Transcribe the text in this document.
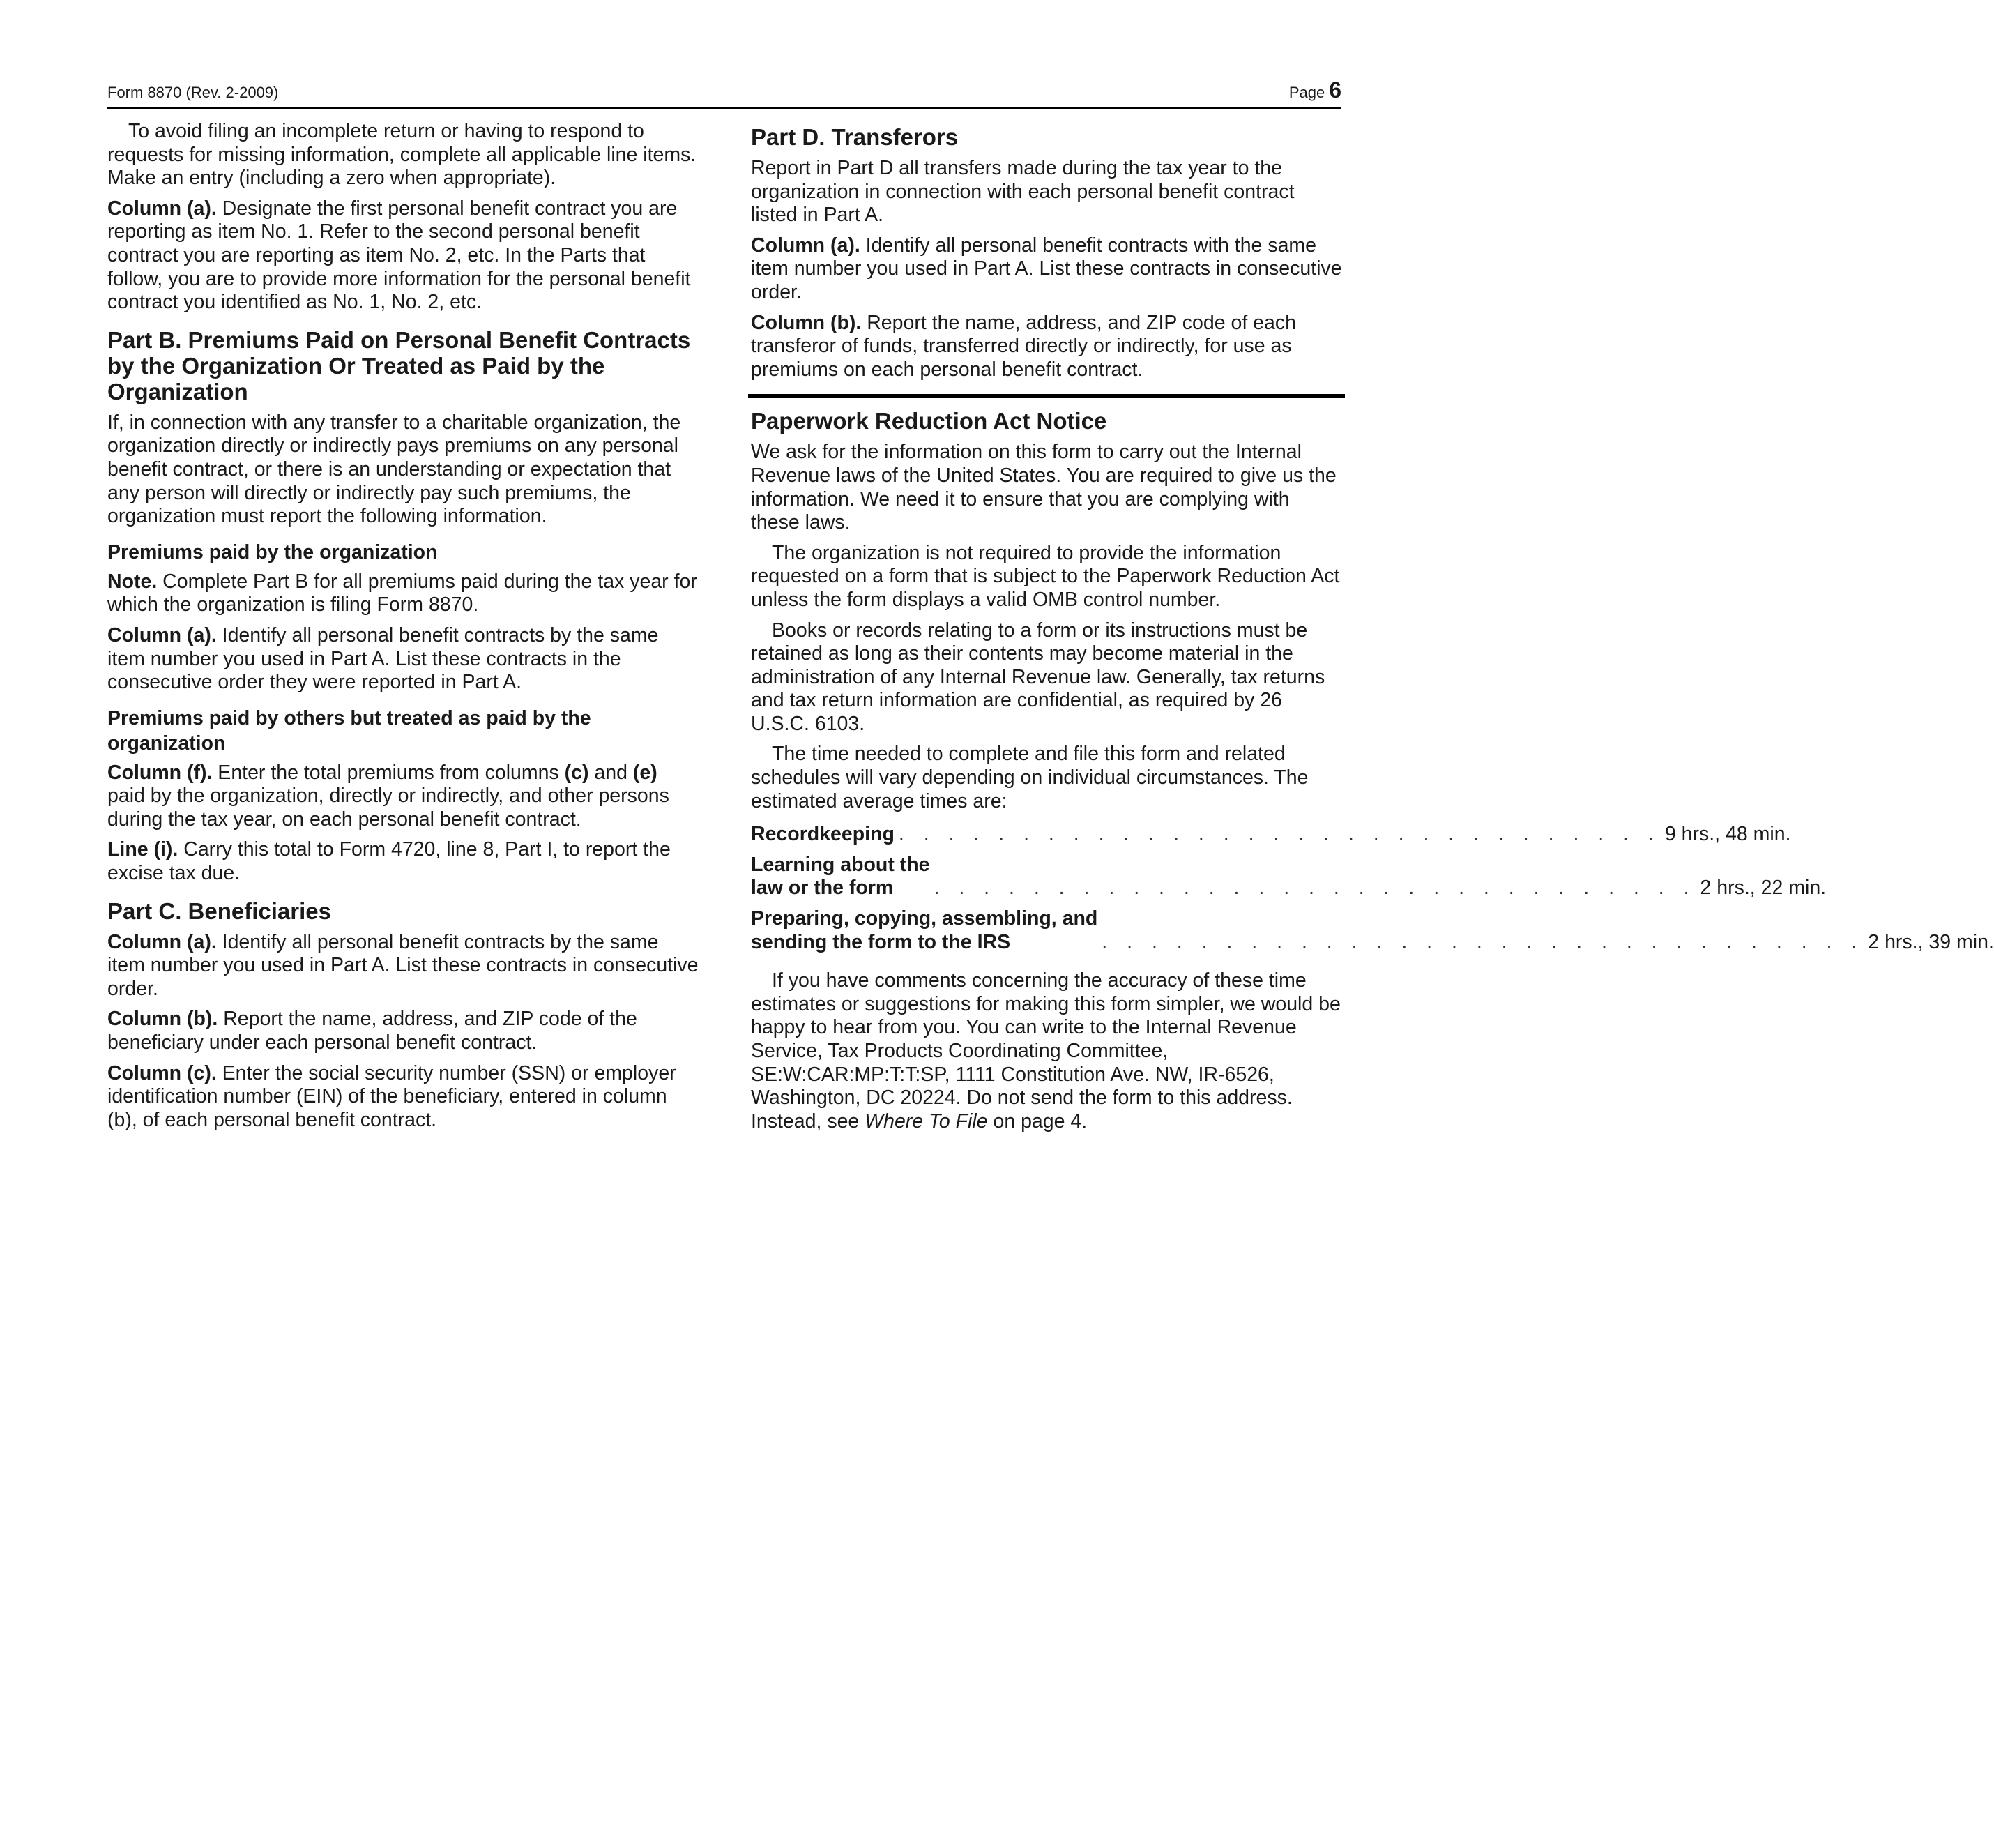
Form 8870 (Rev. 2-2009)	Page 6

To avoid filing an incomplete return or having to respond to requests for missing information, complete all applicable line items. Make an entry (including a zero when appropriate).

Column (a). Designate the first personal benefit contract you are reporting as item No. 1. Refer to the second personal benefit contract you are reporting as item No. 2, etc. In the Parts that follow, you are to provide more information for the personal benefit contract you identified as No. 1, No. 2, etc.

Part B. Premiums Paid on Personal Benefit Contracts by the Organization Or Treated as Paid by the Organization

If, in connection with any transfer to a charitable organization, the organization directly or indirectly pays premiums on any personal benefit contract, or there is an understanding or expectation that any person will directly or indirectly pay such premiums, the organization must report the following information.

Premiums paid by the organization

Note. Complete Part B for all premiums paid during the tax year for which the organization is filing Form 8870.

Column (a). Identify all personal benefit contracts by the same item number you used in Part A. List these contracts in the consecutive order they were reported in Part A.

Premiums paid by others but treated as paid by the organization

Column (f). Enter the total premiums from columns (c) and (e) paid by the organization, directly or indirectly, and other persons during the tax year, on each personal benefit contract.

Line (i). Carry this total to Form 4720, line 8, Part I, to report the excise tax due.

Part C. Beneficiaries

Column (a). Identify all personal benefit contracts by the same item number you used in Part A. List these contracts in consecutive order.

Column (b). Report the name, address, and ZIP code of the beneficiary under each personal benefit contract.

Column (c). Enter the social security number (SSN) or employer identification number (EIN) of the beneficiary, entered in column (b), of each personal benefit contract.

Part D. Transferors

Report in Part D all transfers made during the tax year to the organization in connection with each personal benefit contract listed in Part A.

Column (a). Identify all personal benefit contracts with the same item number you used in Part A. List these contracts in consecutive order.

Column (b). Report the name, address, and ZIP code of each transferor of funds, transferred directly or indirectly, for use as premiums on each personal benefit contract.

Paperwork Reduction Act Notice

We ask for the information on this form to carry out the Internal Revenue laws of the United States. You are required to give us the information. We need it to ensure that you are complying with these laws.

The organization is not required to provide the information requested on a form that is subject to the Paperwork Reduction Act unless the form displays a valid OMB control number.

Books or records relating to a form or its instructions must be retained as long as their contents may become material in the administration of any Internal Revenue law. Generally, tax returns and tax return information are confidential, as required by 26 U.S.C. 6103.

The time needed to complete and file this form and related schedules will vary depending on individual circumstances. The estimated average times are:

Recordkeeping . . . . . . . . . . . . . . . . . . . . . . . . . . . . . . . 9 hrs., 48 min.
Learning about the
law or the form	. . . . . . . . . . . . . . . . . . . . . . . . . . . . . . . 2 hrs., 22 min.
Preparing, copying, assembling, and
sending the form to the IRS	. . . . . . . . . . . . . . . . . . . . . . . . . . . . . . . 2 hrs., 39 min.

If you have comments concerning the accuracy of these time estimates or suggestions for making this form simpler, we would be happy to hear from you. You can write to the Internal Revenue Service, Tax Products Coordinating Committee, SE:W:CAR:MP:T:T:SP, 1111 Constitution Ave. NW, IR-6526, Washington, DC 20224. Do not send the form to this address. Instead, see Where To File on page 4.
